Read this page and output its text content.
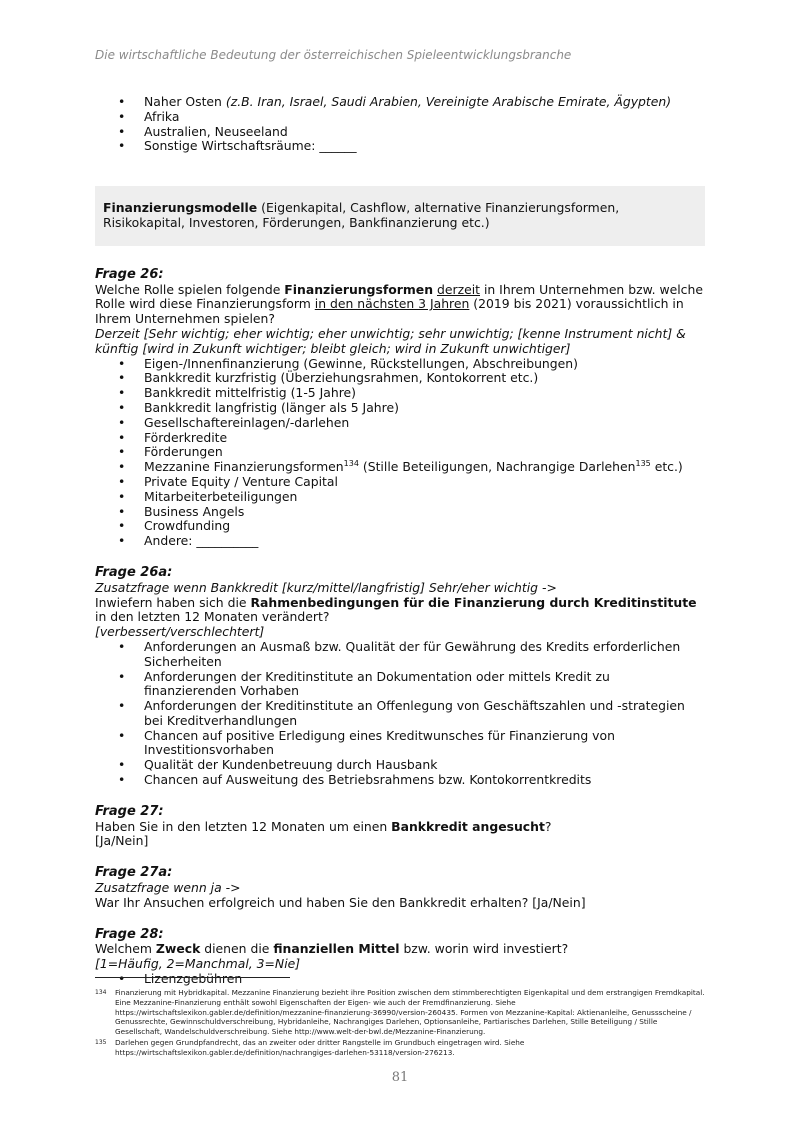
Die wirtschaftliche Bedeutung der österreichischen Spieleentwicklungsbranche
• Naher Osten (z.B. Iran, Israel, Saudi Arabien, Vereinigte Arabische Emirate, Ägypten)
• Afrika
• Australien, Neuseeland
• Sonstige Wirtschaftsräume: ______
Finanzierungsmodelle (Eigenkapital, Cashflow, alternative Finanzierungsformen, Risikokapital, Investoren, Förderungen, Bankfinanzierung etc.)
Frage 26:
Welche Rolle spielen folgende Finanzierungsformen derzeit in Ihrem Unternehmen bzw. welche Rolle wird diese Finanzierungsform in den nächsten 3 Jahren (2019 bis 2021) voraussichtlich in Ihrem Unternehmen spielen?
Derzeit [Sehr wichtig; eher wichtig; eher unwichtig; sehr unwichtig; [kenne Instrument nicht] & künftig [wird in Zukunft wichtiger; bleibt gleich; wird in Zukunft unwichtiger]
• Eigen-/Innenfinanzierung (Gewinne, Rückstellungen, Abschreibungen)
• Bankkredit kurzfristig (Überziehungsrahmen, Kontokorrent etc.)
• Bankkredit mittelfristig (1-5 Jahre)
• Bankkredit langfristig (länger als 5 Jahre)
• Gesellschaftereinlagen/-darlehen
• Förderkredite
• Förderungen
• Mezzanine Finanzierungsformen$^{134}$ (Stille Beteiligungen, Nachrangige Darlehen$^{135}$ etc.)
• Private Equity / Venture Capital
• Mitarbeiterbeteiligungen
• Business Angels
• Crowdfunding
• Andere: __________
Frage 26a:
Zusatzfrage wenn Bankkredit [kurz/mittel/langfristig] Sehr/eher wichtig ->
Inwiefern haben sich die Rahmenbedingungen für die Finanzierung durch Kreditinstitute in den letzten 12 Monaten verändert?
[verbessert/verschlechtert]
• Anforderungen an Ausmaß bzw. Qualität der für Gewährung des Kredits erforderlichen Sicherheiten
• Anforderungen der Kreditinstitute an Dokumentation oder mittels Kredit zu finanzierenden Vorhaben
• Anforderungen der Kreditinstitute an Offenlegung von Geschäftszahlen und -strategien bei Kreditverhandlungen
• Chancen auf positive Erledigung eines Kreditwunsches für Finanzierung von Investitionsvorhaben
• Qualität der Kundenbetreuung durch Hausbank
• Chancen auf Ausweitung des Betriebsrahmens bzw. Kontokorrentkredits
Frage 27:
Haben Sie in den letzten 12 Monaten um einen Bankkredit angesucht?
[Ja/Nein]
Frage 27a:
Zusatzfrage wenn ja ->
War Ihr Ansuchen erfolgreich und haben Sie den Bankkredit erhalten? [Ja/Nein]
Frage 28:
Welchem Zweck dienen die finanziellen Mittel bzw. worin wird investiert?
[1=Häufig, 2=Manchmal, 3=Nie]
• Lizenzgebühren
134 Finanzierung mit Hybridkapital. Mezzanine Finanzierung bezieht ihre Position zwischen dem stimmberechtigten Eigenkapital und dem erstrangigen Fremdkapital. Eine Mezzanine-Finanzierung enthält sowohl Eigenschaften der Eigen- wie auch der Fremdfinanzierung. Siehe https://wirtschaftslexikon.gabler.de/definition/mezzanine-finanzierung-36990/version-260435. Formen von Mezzanine-Kapital: Aktienanleihe, Genussscheine / Genussrechte, Gewinnschuldverschreibung, Hybridanleihe, Nachrangiges Darlehen, Optionsanleihe, Partiarisches Darlehen, Stille Beteiligung / Stille Gesellschaft, Wandelschuldverschreibung. Siehe http://www.welt-der-bwl.de/Mezzanine-Finanzierung.
135 Darlehen gegen Grundpfandrecht, das an zweiter oder dritter Rangstelle im Grundbuch eingetragen wird. Siehe https://wirtschaftslexikon.gabler.de/definition/nachrangiges-darlehen-53118/version-276213.
81
